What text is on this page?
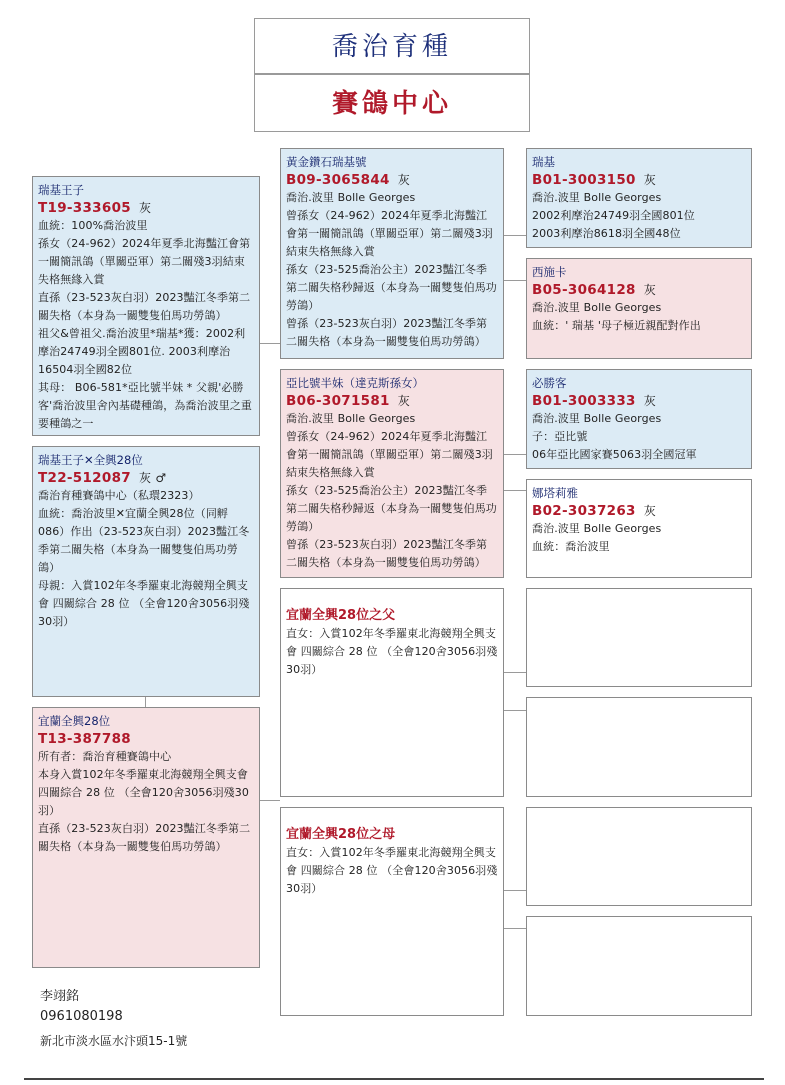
喬治育種
賽鴿中心
瑞基王子
T19-333605 灰
血統：100%喬治波里
孫女（24-962）2024年夏季北海豔江會第一關簡訊鴿（單關亞軍）第二關殘3羽結束失格無緣入賞
直孫（23-523灰白羽）2023豔江冬季第二關失格（本身為一關雙隻伯馬功勞鴿）
祖父&曾祖父.喬治波里*瑞基*獲：2002利摩治24749羽全國801位. 2003利摩治16504羽全國82位
其母： B06-581*亞比號半妹 * 父親'必勝客'喬治波里舍內基礎種鴿，為喬治波里之重要種鴿之一
瑞基王子✕全興28位
T22-512087 灰 ♂
喬治育種賽鴿中心（私環2323）
血統：喬治波里✕宜蘭全興28位（同孵086）作出（23-523灰白羽）2023豔江冬季第二關失格（本身為一關雙隻伯馬功勞鴿）
母親：入賞102年冬季羅東北海競翔全興支會 四關綜合 28 位 （全會120舍3056羽殘30羽）
宜蘭全興28位
T13-387788
所有者：喬治育種賽鴿中心
本身入賞102年冬季羅東北海競翔全興支會 四關綜合 28 位 （全會120舍3056羽殘30羽）
直孫（23-523灰白羽）2023豔江冬季第二關失格（本身為一關雙隻伯馬功勞鴿）
黃金鑽石瑞基號
B09-3065844 灰
喬治.波里 Bolle Georges
曾孫女（24-962）2024年夏季北海豔江會第一關簡訊鴿（單關亞軍）第二關殘3羽結束失格無緣入賞
孫女（23-525喬治公主）2023豔江冬季第二關失格秒歸返（本身為一關雙隻伯馬功勞鴿）
曾孫（23-523灰白羽）2023豔江冬季第二關失格（本身為一關雙隻伯馬功勞鴿）
亞比號半妹（達克斯孫女）
B06-3071581 灰
喬治.波里 Bolle Georges
曾孫女（24-962）2024年夏季北海豔江會第一關簡訊鴿（單關亞軍）第二關殘3羽結束失格無緣入賞
孫女（23-525喬治公主）2023豔江冬季第二關失格秒歸返（本身為一關雙隻伯馬功勞鴿）
曾孫（23-523灰白羽）2023豔江冬季第二關失格（本身為一關雙隻伯馬功勞鴿）
宜蘭全興28位之父
直女：入賞102年冬季羅東北海競翔全興支會 四關綜合 28 位 （全會120舍3056羽殘30羽）
宜蘭全興28位之母
直女：入賞102年冬季羅東北海競翔全興支會 四關綜合 28 位 （全會120舍3056羽殘30羽）
瑞基
B01-3003150 灰
喬治.波里 Bolle Georges
2002利摩治24749羽全國801位
2003利摩治8618羽全國48位
西施卡
B05-3064128 灰
喬治.波里 Bolle Georges
血統：' 瑞基 '母子極近親配對作出
必勝客
B01-3003333 灰
喬治.波里 Bolle Georges
子：亞比號
06年亞比國家賽5063羽全國冠軍
娜塔莉雅
B02-3037263 灰
喬治.波里 Bolle Georges
血統：喬治波里
李翊銘
0961080198
新北市淡水區水汴頭15-1號
